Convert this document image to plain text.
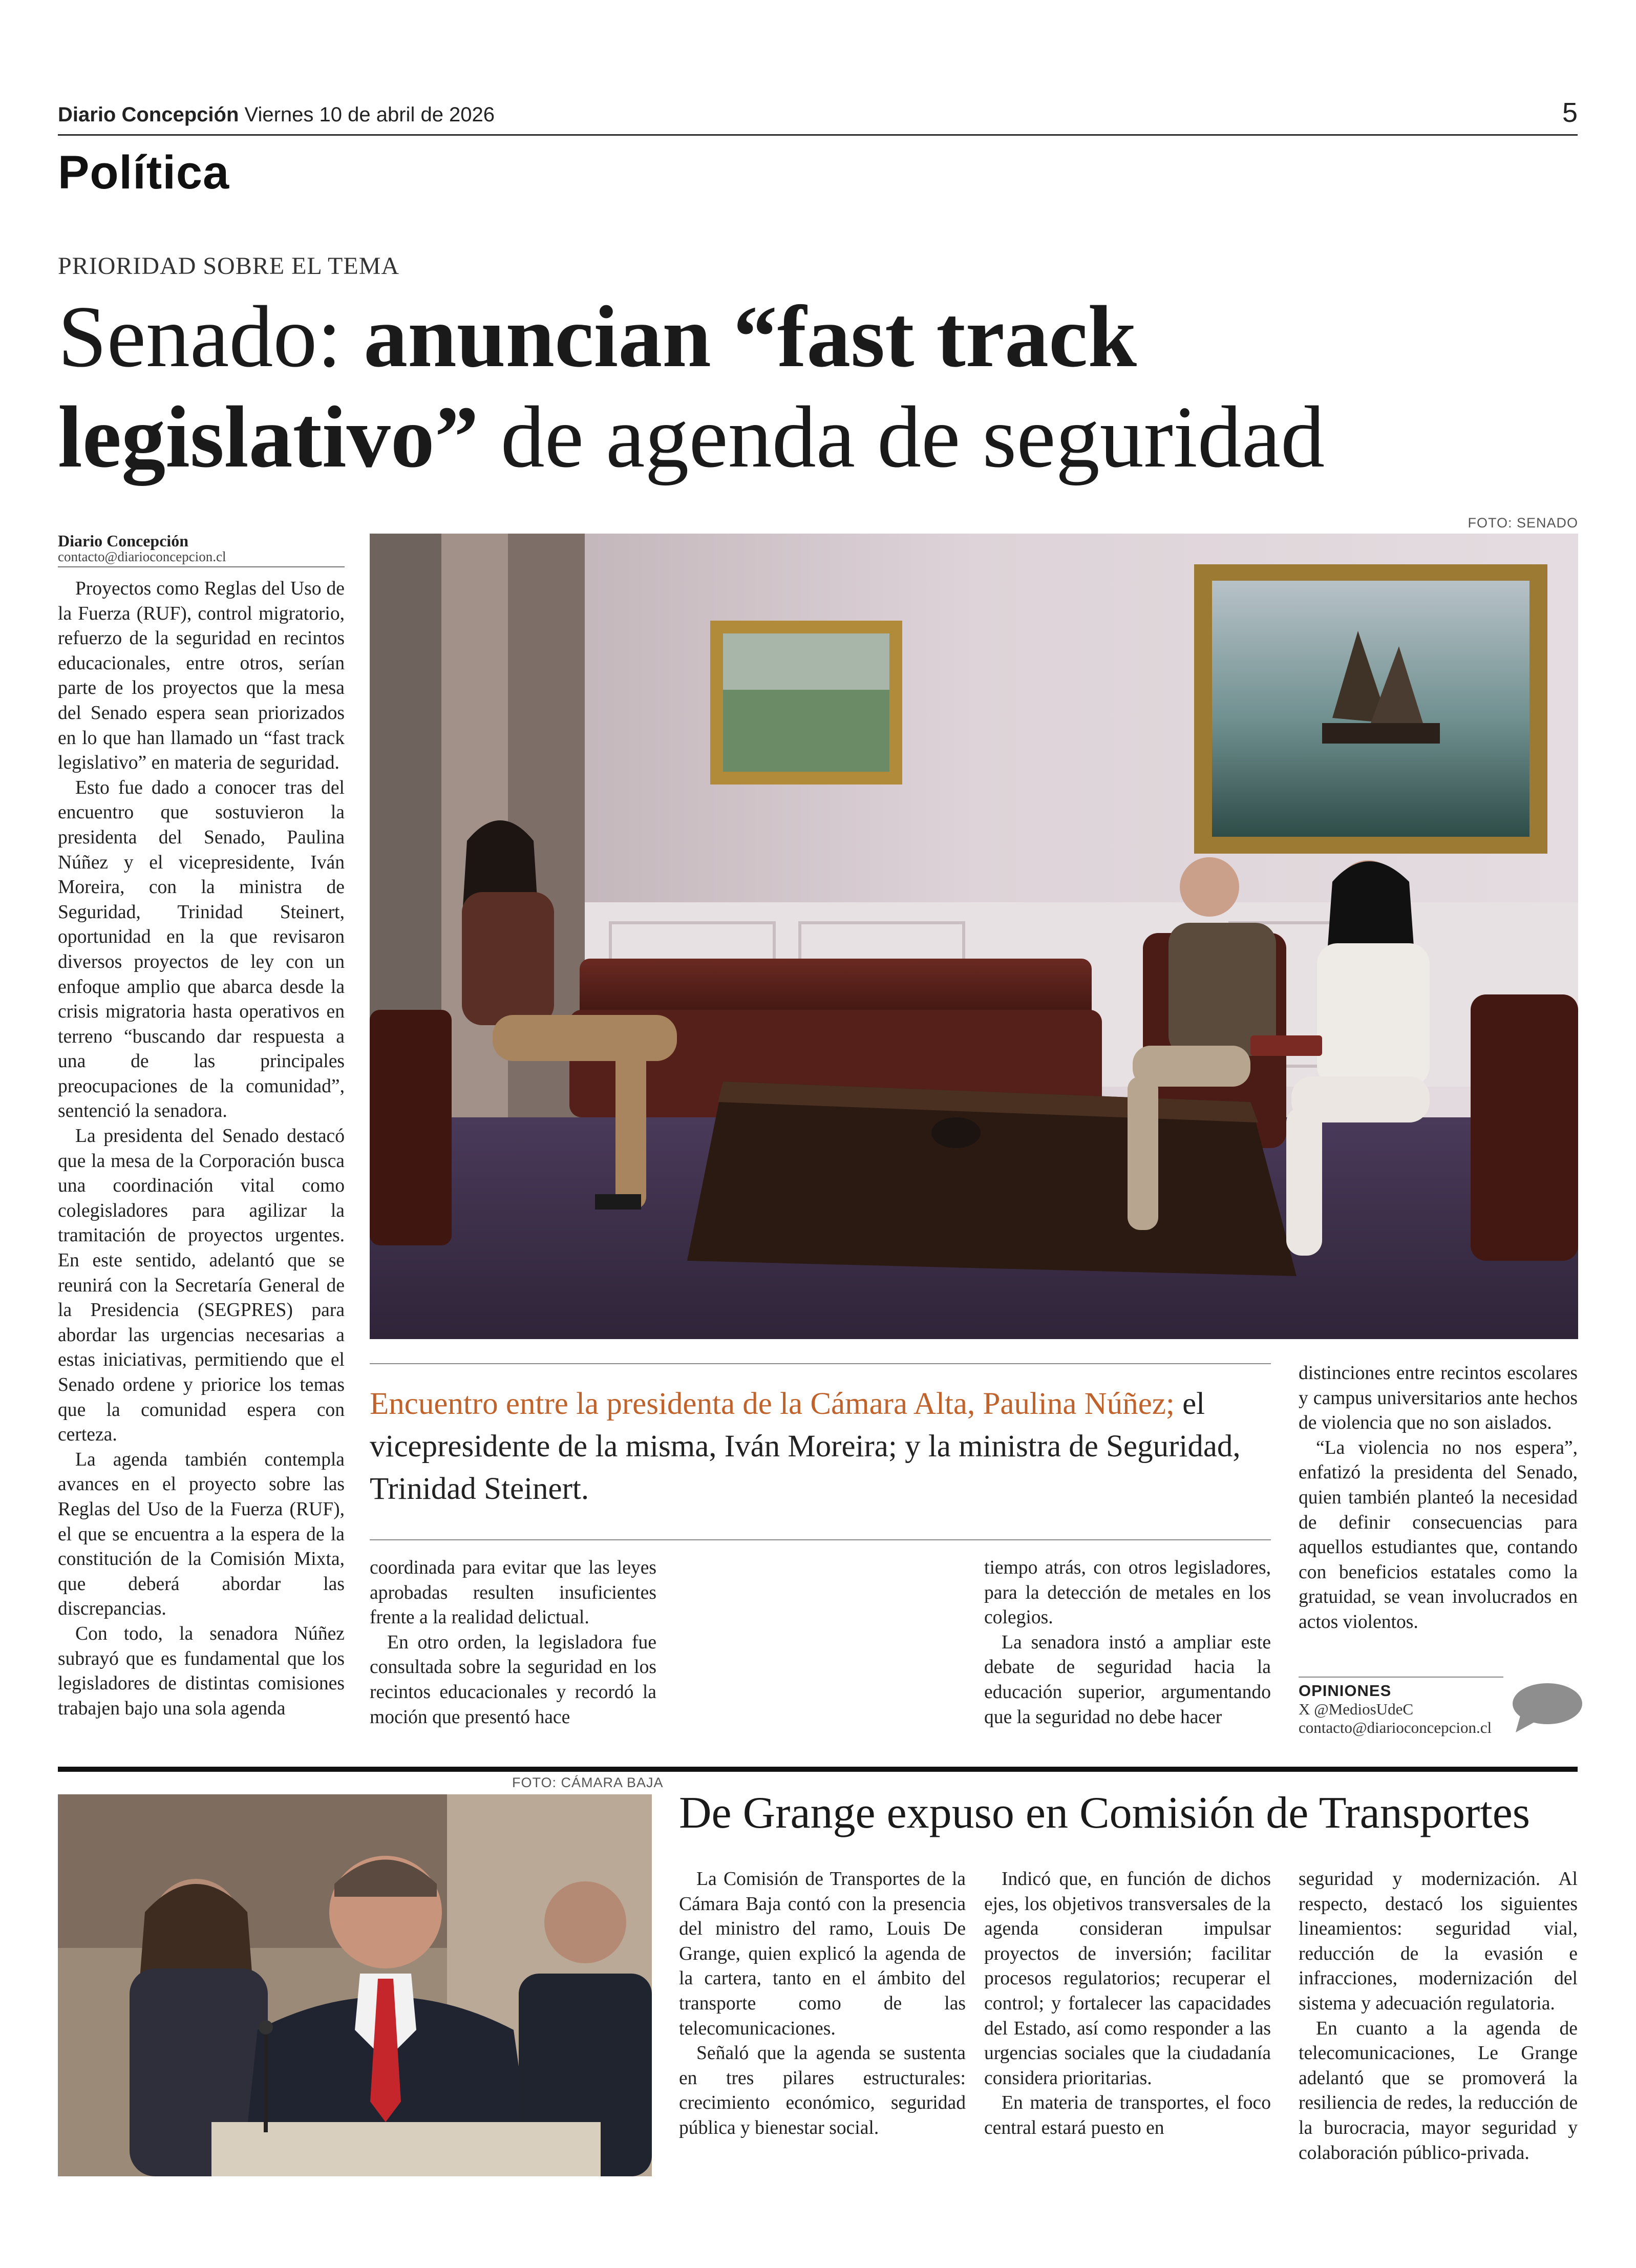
Diario Concepción Viernes 10 de abril de 2026	5
Política
PRIORIDAD SOBRE EL TEMA
Senado: anuncian “fast track
legislativo” de agenda de seguridad
Diario Concepción
contacto@diarioconcepcion.cl

Proyectos como Reglas del Uso de la Fuerza (RUF), control migratorio, refuerzo de la seguridad en recintos educacionales, entre otros, serían parte de los proyectos que la mesa del Senado espera sean priorizados en lo que han llamado un “fast track legislativo” en materia de seguridad.

Esto fue dado a conocer tras del encuentro que sostuvieron la presidenta del Senado, Paulina Núñez y el vicepresidente, Iván Moreira, con la ministra de Seguridad, Trinidad Steinert, oportunidad en la que revisaron diversos proyectos de ley con un enfoque amplio que abarca desde la crisis migratoria hasta operativos en terreno “buscando dar respuesta a una de las principales preocupaciones de la comunidad”, sentenció la senadora.

La presidenta del Senado destacó que la mesa de la Corporación busca una coordinación vital como colegisladores para agilizar la tramitación de proyectos urgentes. En este sentido, adelantó que se reunirá con la Secretaría General de la Presidencia (SEGPRES) para abordar las urgencias necesarias a estas iniciativas, permitiendo que el Senado ordene y priorice los temas que la comunidad espera con certeza.

La agenda también contempla avances en el proyecto sobre las Reglas del Uso de la Fuerza (RUF), el que se encuentra a la espera de la constitución de la Comisión Mixta, que deberá abordar las discrepancias.

Con todo, la senadora Núñez subrayó que es fundamental que los legisladores de distintas comisiones trabajen bajo una sola agenda

FOTO: SENADO
Encuentro entre la presidenta de la Cámara Alta, Paulina Núñez; el vicepresidente de la misma, Iván Moreira; y la ministra de Seguridad, Trinidad Steinert.

coordinada para evitar que las leyes aprobadas resulten insuficientes frente a la realidad delictual.

En otro orden, la legisladora fue consultada sobre la seguridad en los recintos educacionales y recordó la moción que presentó hace

tiempo atrás, con otros legisladores, para la detección de metales en los colegios.

La senadora instó a ampliar este debate de seguridad hacia la educación superior, argumentando que la seguridad no debe hacer

distinciones entre recintos escolares y campus universitarios ante hechos de violencia que no son aislados.

“La violencia no nos espera”, enfatizó la presidenta del Senado, quien también planteó la necesidad de definir consecuencias para aquellos estudiantes que, contando con beneficios estatales como la gratuidad, se vean involucrados en actos violentos.

OPINIONES
X @MediosUdeC
contacto@diarioconcepcion.cl
FOTO: CÁMARA BAJA
De Grange expuso en Comisión de Transportes

La Comisión de Transportes de la Cámara Baja contó con la presencia del ministro del ramo, Louis De Grange, quien explicó la agenda de la cartera, tanto en el ámbito del transporte como de las telecomunicaciones.

Señaló que la agenda se sustenta en tres pilares estructurales: crecimiento económico, seguridad pública y bienestar social.

Indicó que, en función de dichos ejes, los objetivos transversales de la agenda consideran impulsar proyectos de inversión; facilitar procesos regulatorios; recuperar el control; y fortalecer las capacidades del Estado, así como responder a las urgencias sociales que la ciudadanía considera prioritarias.

En materia de transportes, el foco central estará puesto en

seguridad y modernización. Al respecto, destacó los siguientes lineamientos: seguridad vial, reducción de la evasión e infracciones, modernización del sistema y adecuación regulatoria.

En cuanto a la agenda de telecomunicaciones, Le Grange adelantó que se promoverá la resiliencia de redes, la reducción de la burocracia, mayor seguridad y colaboración público-privada.
